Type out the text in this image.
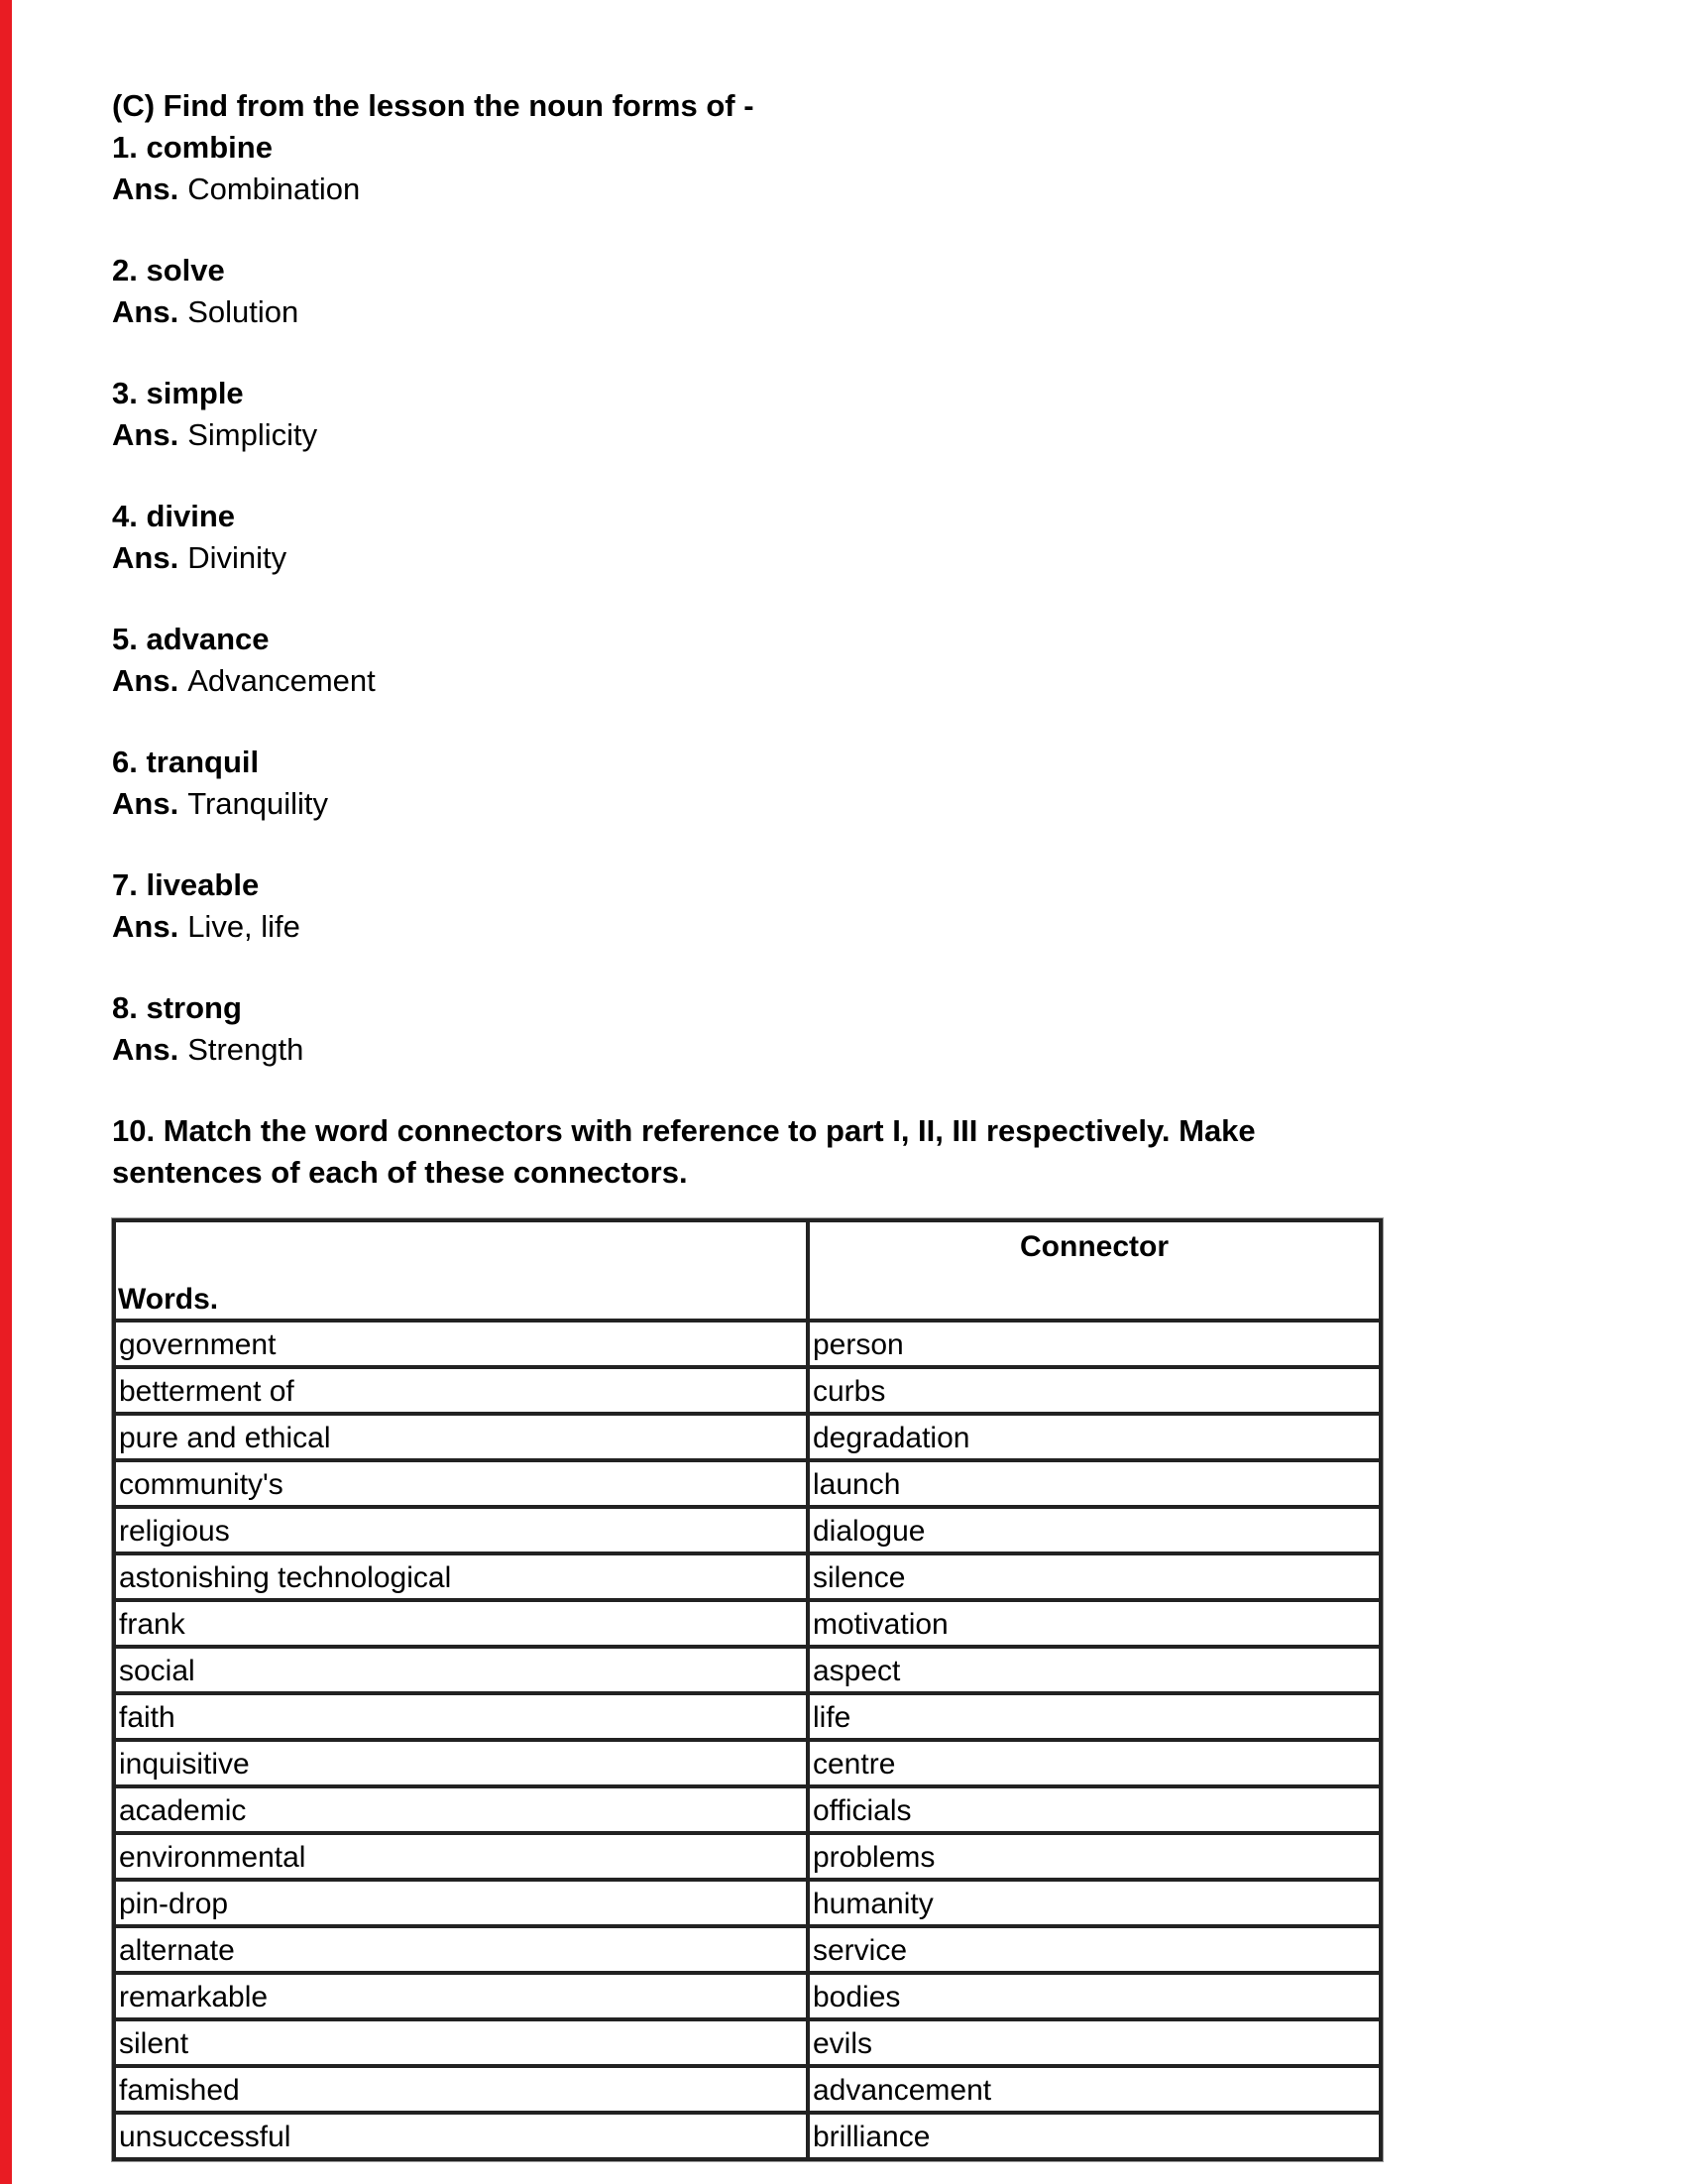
(C) Find from the lesson the noun forms of -
1. combine
Ans. Combination
2. solve
Ans. Solution
3. simple
Ans. Simplicity
4. divine
Ans. Divinity
5. advance
Ans. Advancement
6. tranquil
Ans. Tranquility
7. liveable
Ans. Live, life
8. strong
Ans. Strength
10. Match the word connectors with reference to part I, II, III respectively. Make
sentences of each of these connectors.
Words.	Connector
government	person
betterment of	curbs
pure and ethical	degradation
community's	launch
religious	dialogue
astonishing technological	silence
frank	motivation
social	aspect
faith	life
inquisitive	centre
academic	officials
environmental	problems
pin-drop	humanity
alternate	service
remarkable	bodies
silent	evils
famished	advancement
unsuccessful	brilliance
